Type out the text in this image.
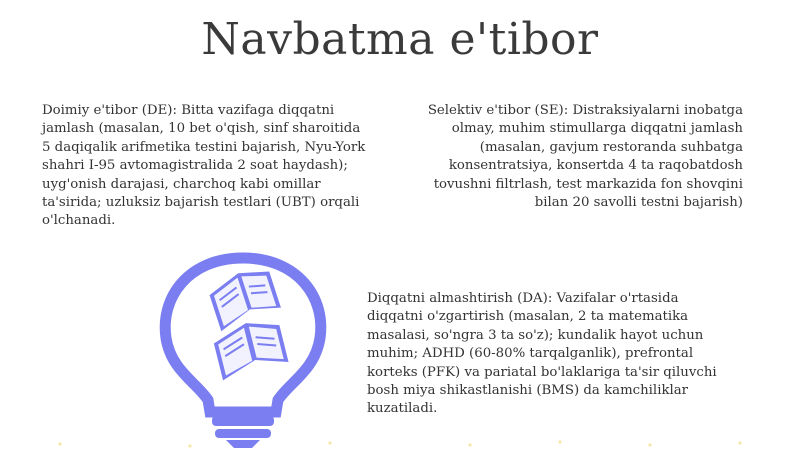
Navbatma e'tibor
Doimiy e'tibor (DE): Bitta vazifaga diqqatni jamlash (masalan, 10 bet o'qish, sinf sharoitida 5 daqiqalik arifmetika testini bajarish, Nyu-York shahri I-95 avtomagistralida 2 soat haydash); uyg'onish darajasi, charchoq kabi omillar ta'sirida; uzluksiz bajarish testlari (UBT) orqali o'lchanadi.
Selektiv e'tibor (SE): Distraksiyalarni inobatga olmay, muhim stimullarga diqqatni jamlash (masalan, gavjum restoranda suhbatga konsentratsiya, konsertda 4 ta raqobatdosh tovushni filtrlash, test markazida fon shovqini bilan 20 savolli testni bajarish)
Diqqatni almashtirish (DA): Vazifalar o'rtasida diqqatni o'zgartirish (masalan, 2 ta matematika masalasi, so'ngra 3 ta so'z); kundalik hayot uchun muhim; ADHD (60-80% tarqalganlik), prefrontal korteks (PFK) va pariatal bo'laklariga ta'sir qiluvchi bosh miya shikastlanishi (BMS) da kamchiliklar kuzatiladi.
